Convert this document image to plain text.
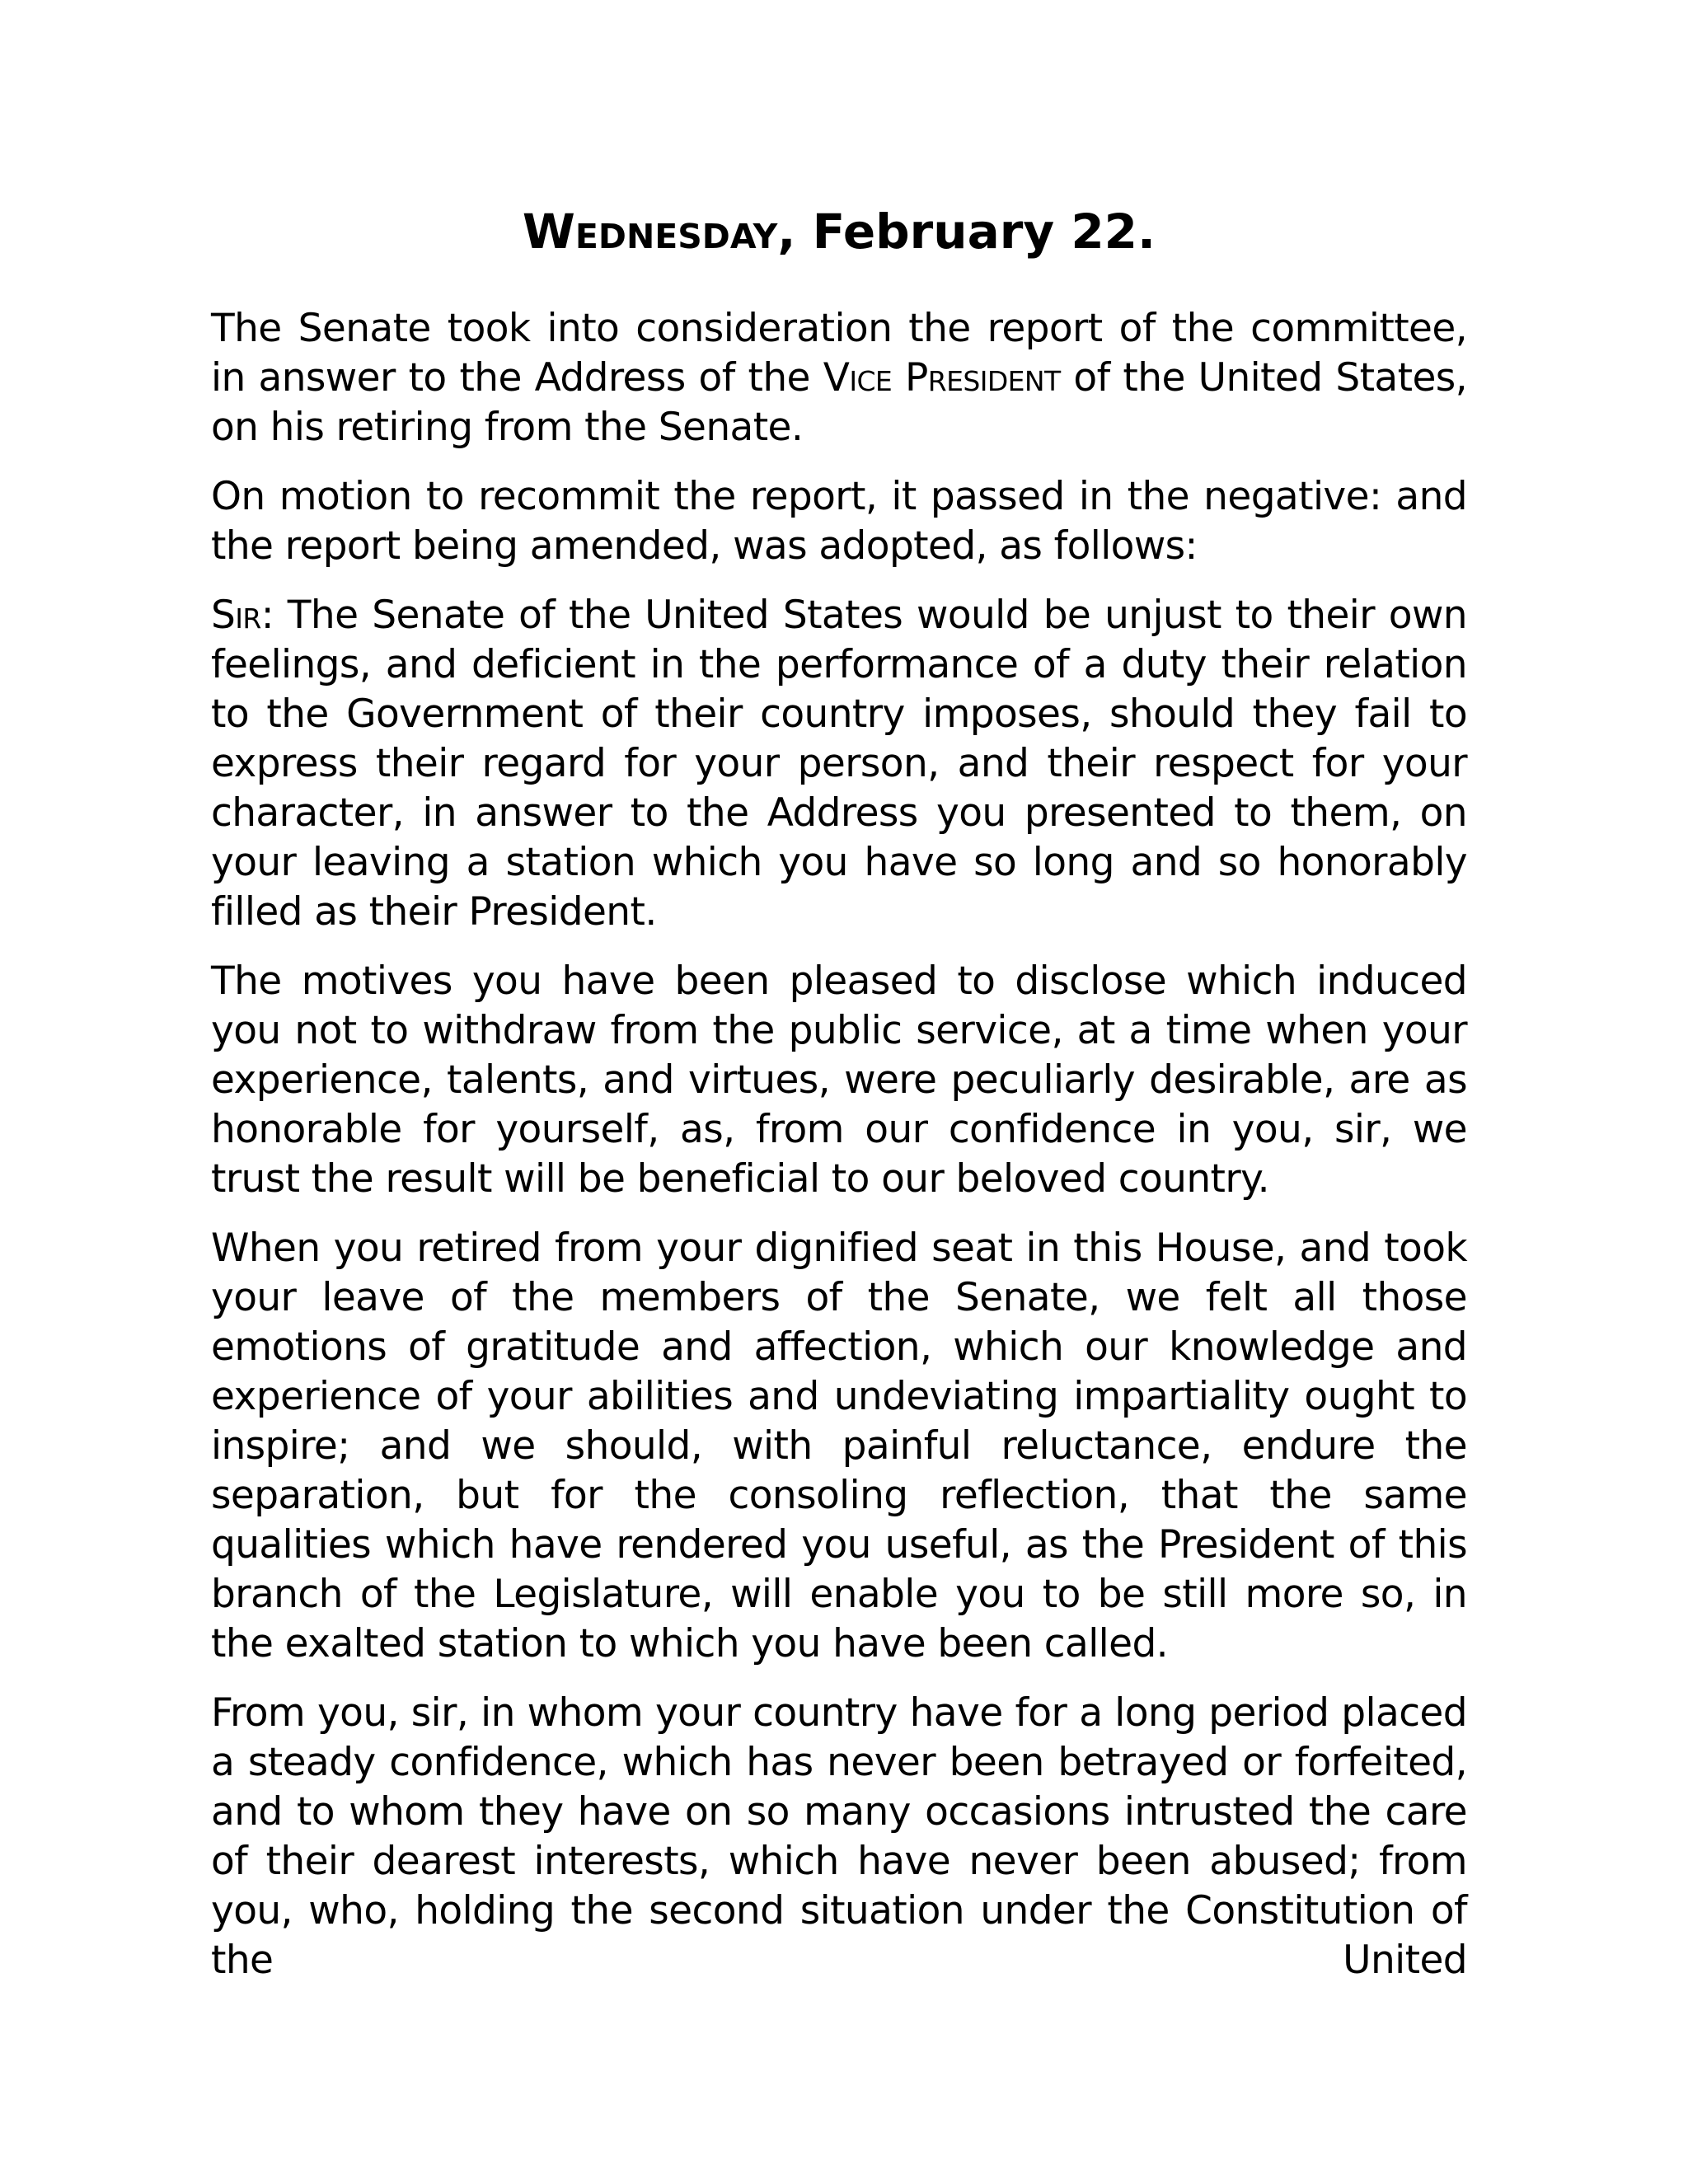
Wednesday, February 22.

The Senate took into consideration the report of the committee, in answer to the Address of the Vice President of the United States, on his retiring from the Senate.

On motion to recommit the report, it passed in the negative: and the report being amended, was adopted, as follows:

Sir: The Senate of the United States would be unjust to their own feelings, and deficient in the performance of a duty their relation to the Government of their country imposes, should they fail to express their regard for your person, and their respect for your character, in answer to the Address you presented to them, on your leaving a station which you have so long and so honorably filled as their President.

The motives you have been pleased to disclose which induced you not to withdraw from the public service, at a time when your experience, talents, and virtues, were peculiarly desirable, are as honorable for yourself, as, from our confidence in you, sir, we trust the result will be beneficial to our beloved country.

When you retired from your dignified seat in this House, and took your leave of the members of the Senate, we felt all those emotions of gratitude and affection, which our knowledge and experience of your abilities and undeviating impartiality ought to inspire; and we should, with painful reluctance, endure the separation, but for the consoling reflection, that the same qualities which have rendered you useful, as the President of this branch of the Legislature, will enable you to be still more so, in the exalted station to which you have been called.

From you, sir, in whom your country have for a long period placed a steady confidence, which has never been betrayed or forfeited, and to whom they have on so many occasions intrusted the care of their dearest interests, which have never been abused; from you, who, holding the second situation under the Constitution of the United
